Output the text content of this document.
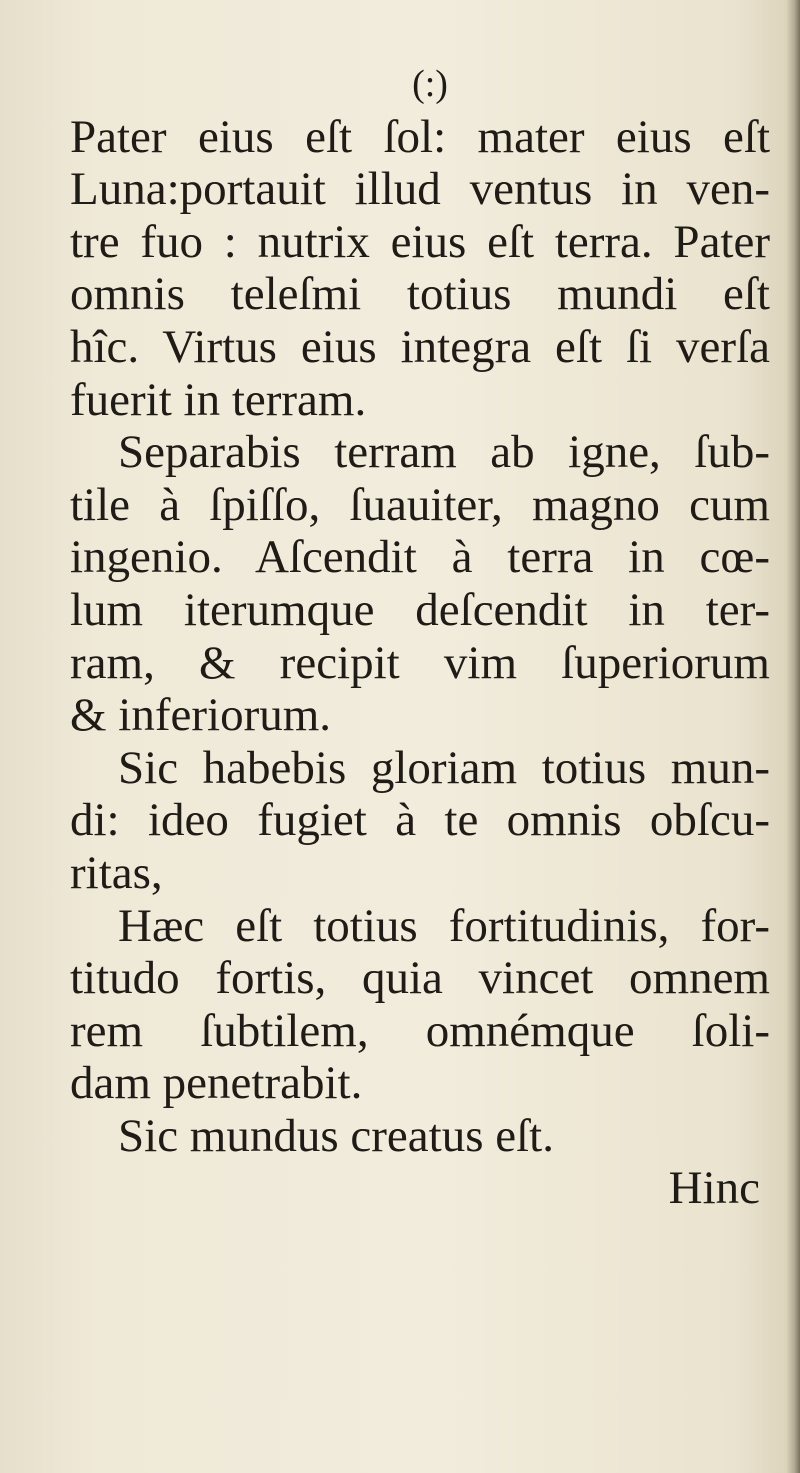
(:)
Pater eius eſt ſol: mater eius eſt
Luna:portauit illud ventus in ven-
tre fuo : nutrix eius eſt terra. Pater
omnis teleſmi totius mundi eſt
hîc. Virtus eius integra eſt ſi verſa
fuerit in terram.
Separabis terram ab igne, ſub-
tile à ſpiſſo, ſuauiter, magno cum
ingenio. Aſcendit à terra in cœ-
lum iterumque deſcendit in ter-
ram, & recipit vim ſuperiorum
& inferiorum.
Sic habebis gloriam totius mun-
di: ideo fugiet à te omnis obſcu-
ritas,
Hæc eſt totius fortitudinis, for-
titudo fortis, quia vincet omnem
rem ſubtilem, omnémque ſoli-
dam penetrabit.
Sic mundus creatus eſt.
Hinc
